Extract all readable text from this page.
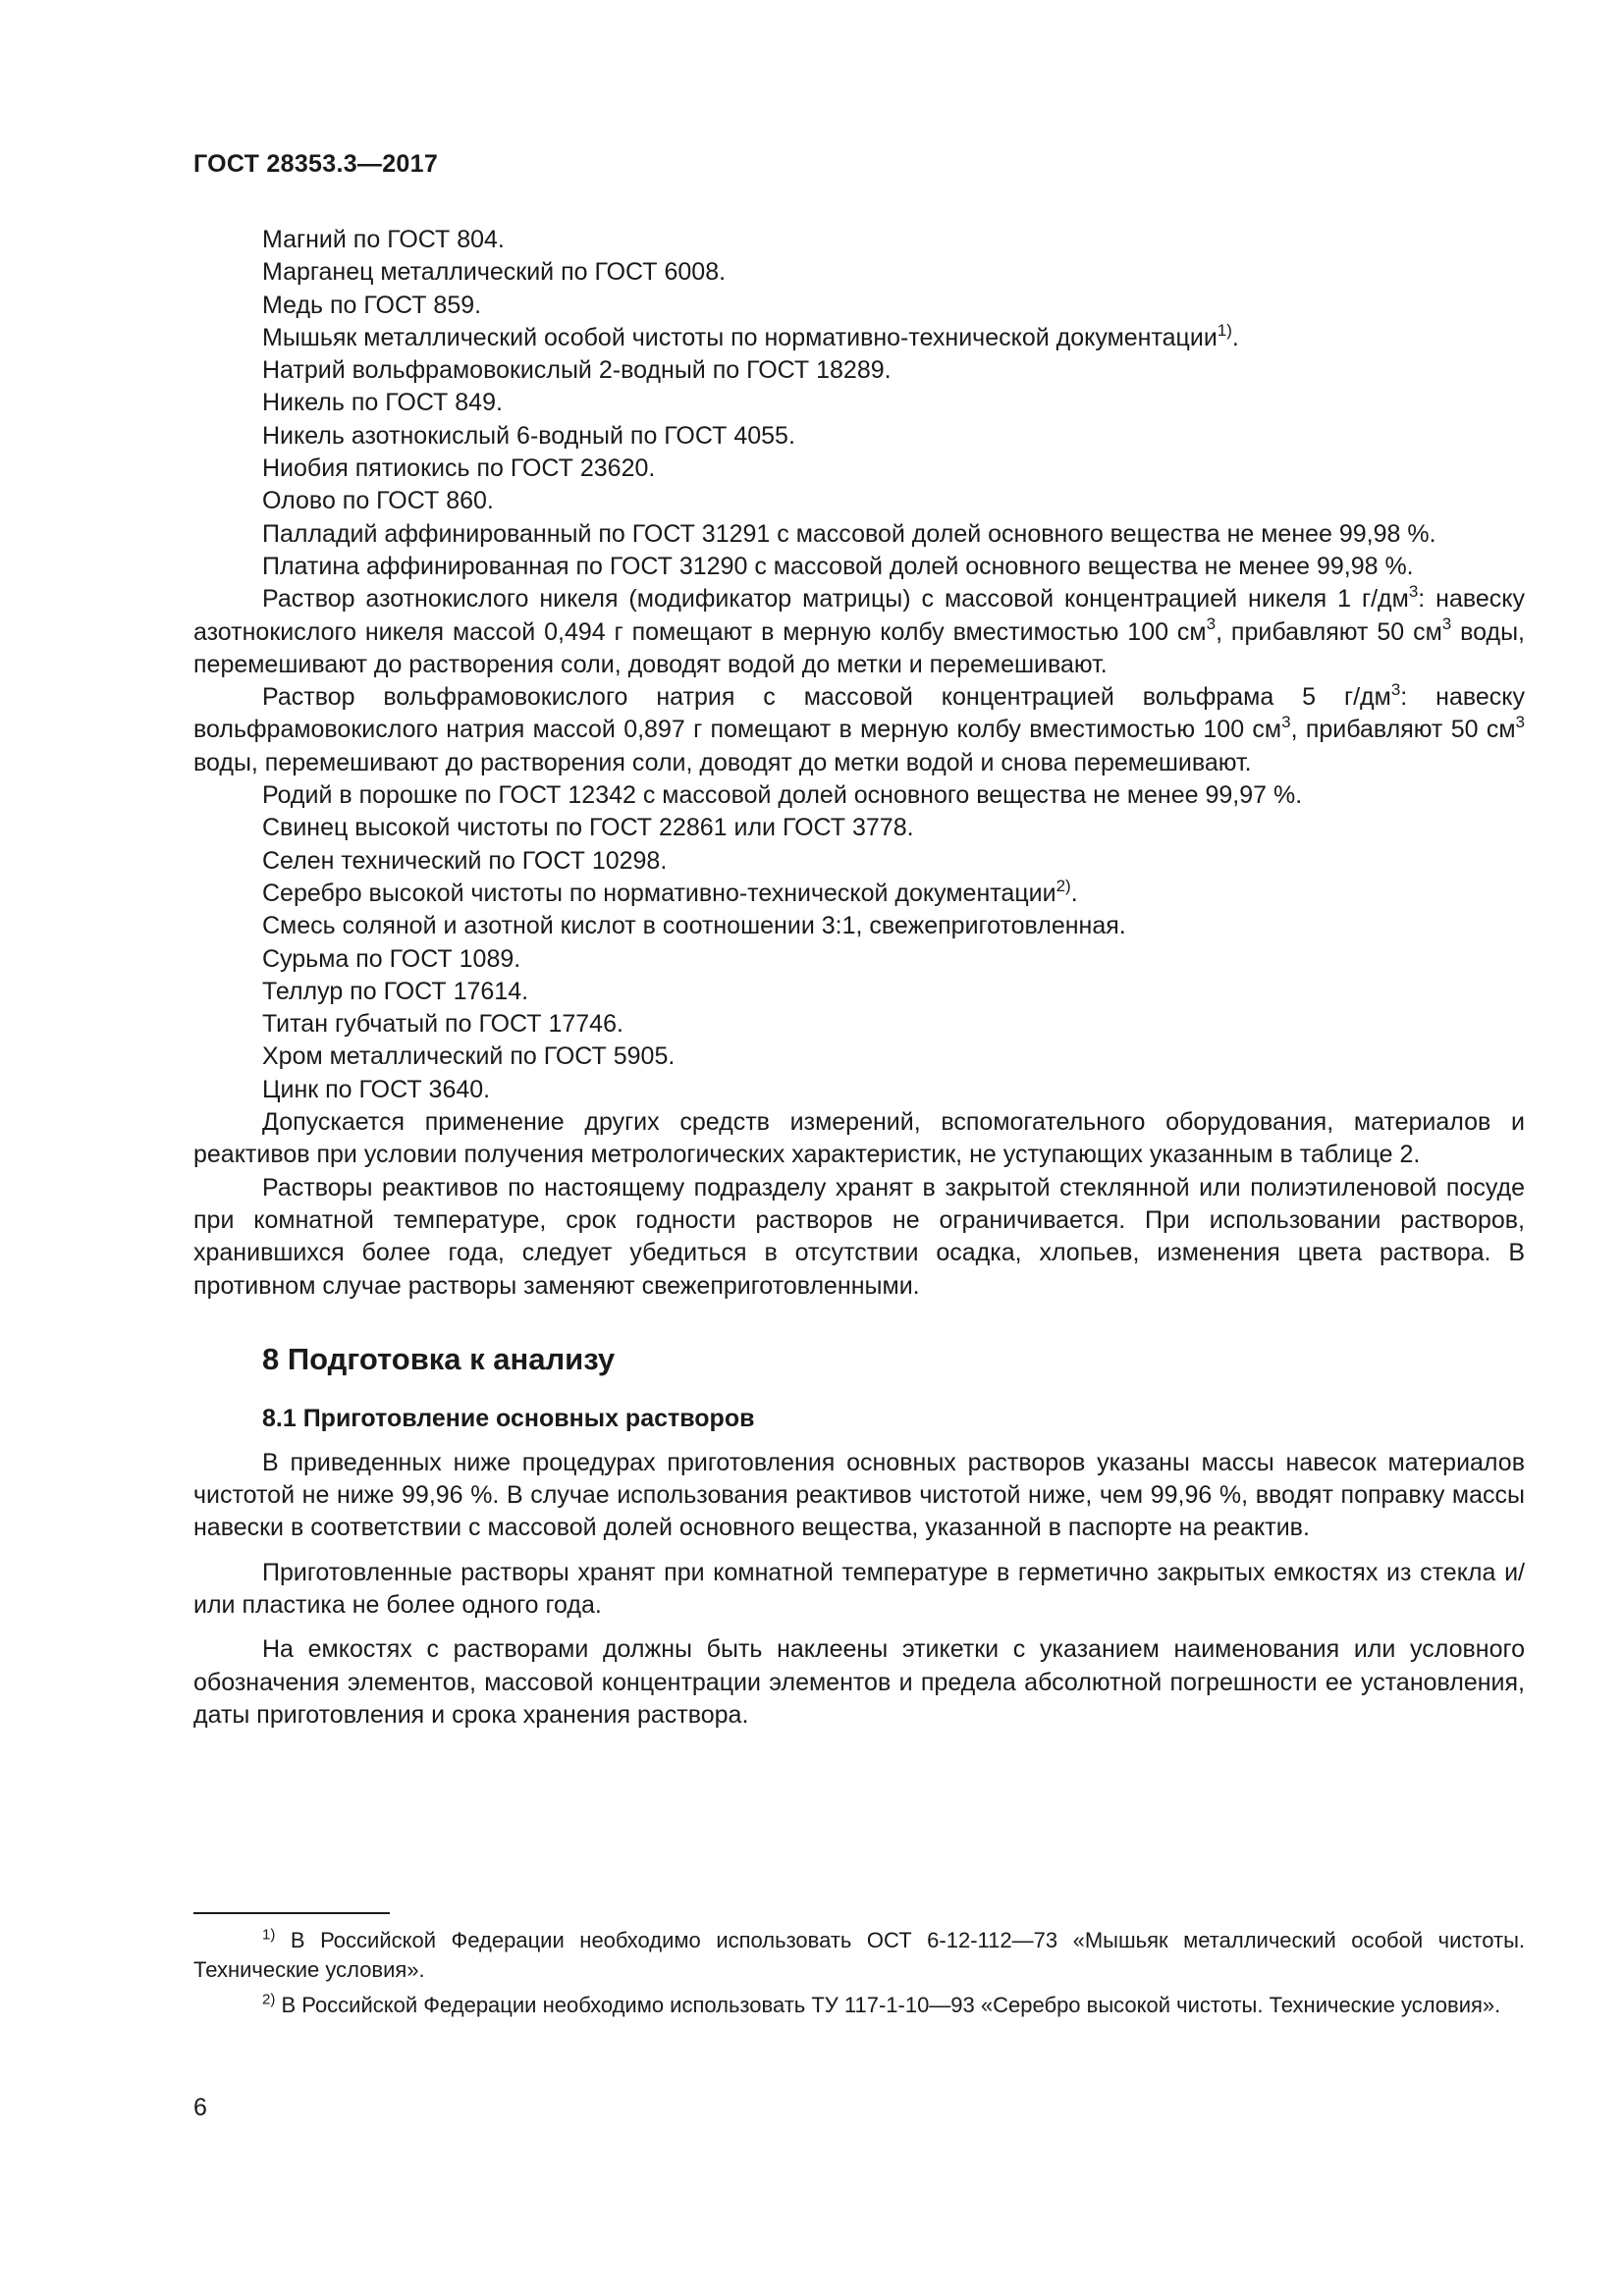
ГОСТ 28353.3—2017

Магний по ГОСТ 804.

Марганец металлический по ГОСТ 6008.

Медь по ГОСТ 859.

Мышьяк металлический особой чистоты по нормативно-технической документации$^{1)}$.

Натрий вольфрамовокислый 2-водный по ГОСТ 18289.

Никель по ГОСТ 849.

Никель азотнокислый 6-водный по ГОСТ 4055.

Ниобия пятиокись по ГОСТ 23620.

Олово по ГОСТ 860.

Палладий аффинированный по ГОСТ 31291 с массовой долей основного вещества не менее 99,98 %.

Платина аффинированная по ГОСТ 31290 с массовой долей основного вещества не менее 99,98 %.

Раствор азотнокислого никеля (модификатор матрицы) с массовой концентрацией никеля 1 $г/дм^3$: навеску азотнокислого никеля массой 0,494 г помещают в мерную колбу вместимостью 100 $см^3$, прибавляют 50 $см^3$ воды, перемешивают до растворения соли, доводят водой до метки и перемешивают.

Раствор вольфрамовокислого натрия с массовой концентрацией вольфрама 5 $г/дм^3$: навеску вольфрамовокислого натрия массой 0,897 г помещают в мерную колбу вместимостью 100 $см^3$, прибавляют 50 $см^3$ воды, перемешивают до растворения соли, доводят до метки водой и снова перемешивают.

Родий в порошке по ГОСТ 12342 с массовой долей основного вещества не менее 99,97 %.

Свинец высокой чистоты по ГОСТ 22861 или ГОСТ 3778.

Селен технический по ГОСТ 10298.

Серебро высокой чистоты по нормативно-технической документации$^{2)}$.

Смесь соляной и азотной кислот в соотношении 3:1, свежеприготовленная.

Сурьма по ГОСТ 1089.

Теллур по ГОСТ 17614.

Титан губчатый по ГОСТ 17746.

Хром металлический по ГОСТ 5905.

Цинк по ГОСТ 3640.

Допускается применение других средств измерений, вспомогательного оборудования, материалов и реактивов при условии получения метрологических характеристик, не уступающих указанным в таблице 2.

Растворы реактивов по настоящему подразделу хранят в закрытой стеклянной или полиэтиленовой посуде при комнатной температуре, срок годности растворов не ограничивается. При использовании растворов, хранившихся более года, следует убедиться в отсутствии осадка, хлопьев, изменения цвета раствора. В противном случае растворы заменяют свежеприготовленными.

8 Подготовка к анализу
8.1 Приготовление основных растворов

В приведенных ниже процедурах приготовления основных растворов указаны массы навесок материалов чистотой не ниже 99,96 %. В случае использования реактивов чистотой ниже, чем 99,96 %, вводят поправку массы навески в соответствии с массовой долей основного вещества, указанной в паспорте на реактив.

Приготовленные растворы хранят при комнатной температуре в герметично закрытых емкостях из стекла и/или пластика не более одного года.

На емкостях с растворами должны быть наклеены этикетки с указанием наименования или условного обозначения элементов, массовой концентрации элементов и предела абсолютной погрешности ее установления, даты приготовления и срока хранения раствора.

$^{1)}$ В Российской Федерации необходимо использовать ОСТ 6-12-112—73 «Мышьяк металлический особой чистоты. Технические условия».

$^{2)}$ В Российской Федерации необходимо использовать ТУ 117-1-10—93 «Серебро высокой чистоты. Технические условия».

6
